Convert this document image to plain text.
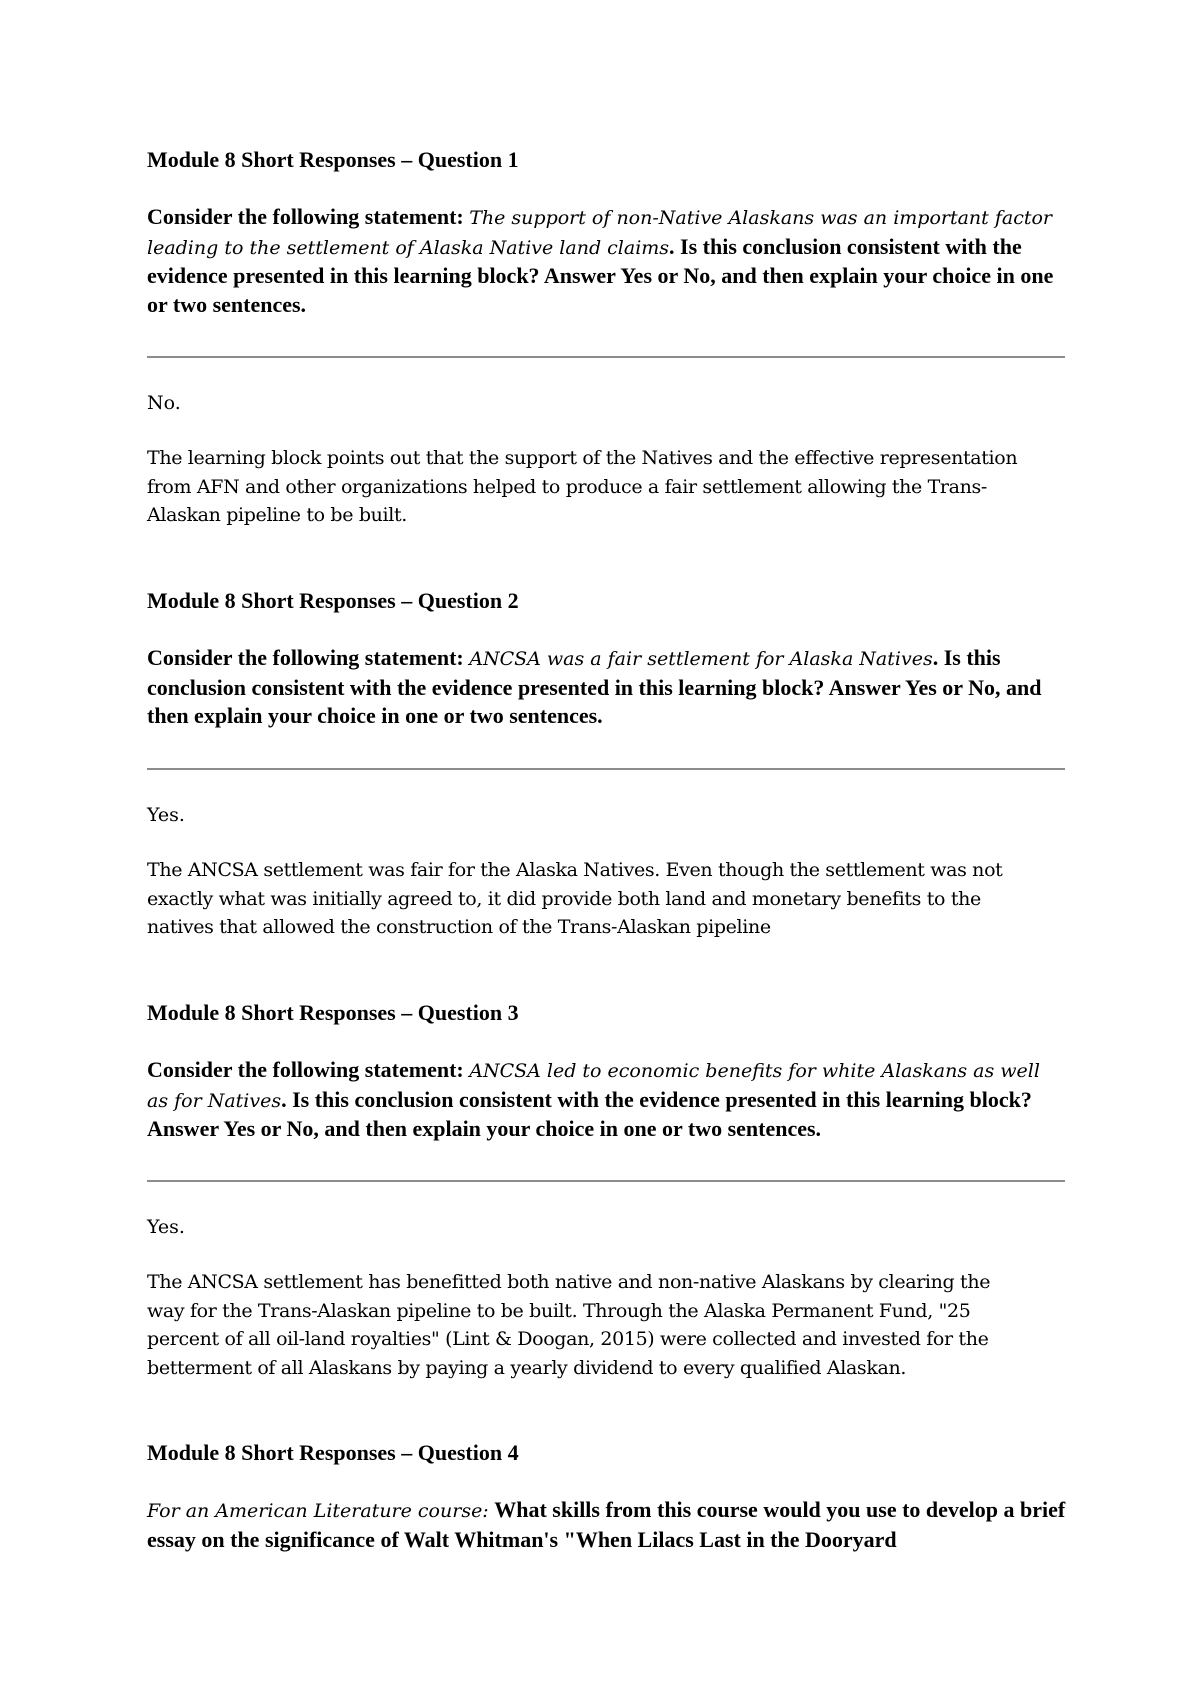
Module 8 Short Responses – Question 1
Consider the following statement: The support of non-Native Alaskans was an important factor leading to the settlement of Alaska Native land claims. Is this conclusion consistent with the evidence presented in this learning block? Answer Yes or No, and then explain your choice in one or two sentences.
No.
The learning block points out that the support of the Natives and the effective representation
from AFN and other organizations helped to produce a fair settlement allowing the Trans-
Alaskan pipeline to be built.
Module 8 Short Responses – Question 2
Consider the following statement: ANCSA was a fair settlement for Alaska Natives. Is this conclusion consistent with the evidence presented in this learning block? Answer Yes or No, and then explain your choice in one or two sentences.
Yes.
The ANCSA settlement was fair for the Alaska Natives. Even though the settlement was not
exactly what was initially agreed to, it did provide both land and monetary benefits to the
natives that allowed the construction of the Trans-Alaskan pipeline
Module 8 Short Responses – Question 3
Consider the following statement: ANCSA led to economic benefits for white Alaskans as well as for Natives. Is this conclusion consistent with the evidence presented in this learning block? Answer Yes or No, and then explain your choice in one or two sentences.
Yes.
The ANCSA settlement has benefitted both native and non-native Alaskans by clearing the
way for the Trans-Alaskan pipeline to be built. Through the Alaska Permanent Fund, "25
percent of all oil-land royalties" (Lint & Doogan, 2015) were collected and invested for the
betterment of all Alaskans by paying a yearly dividend to every qualified Alaskan.
Module 8 Short Responses – Question 4
For an American Literature course: What skills from this course would you use to develop a brief essay on the significance of Walt Whitman's "When Lilacs Last in the Dooryard
